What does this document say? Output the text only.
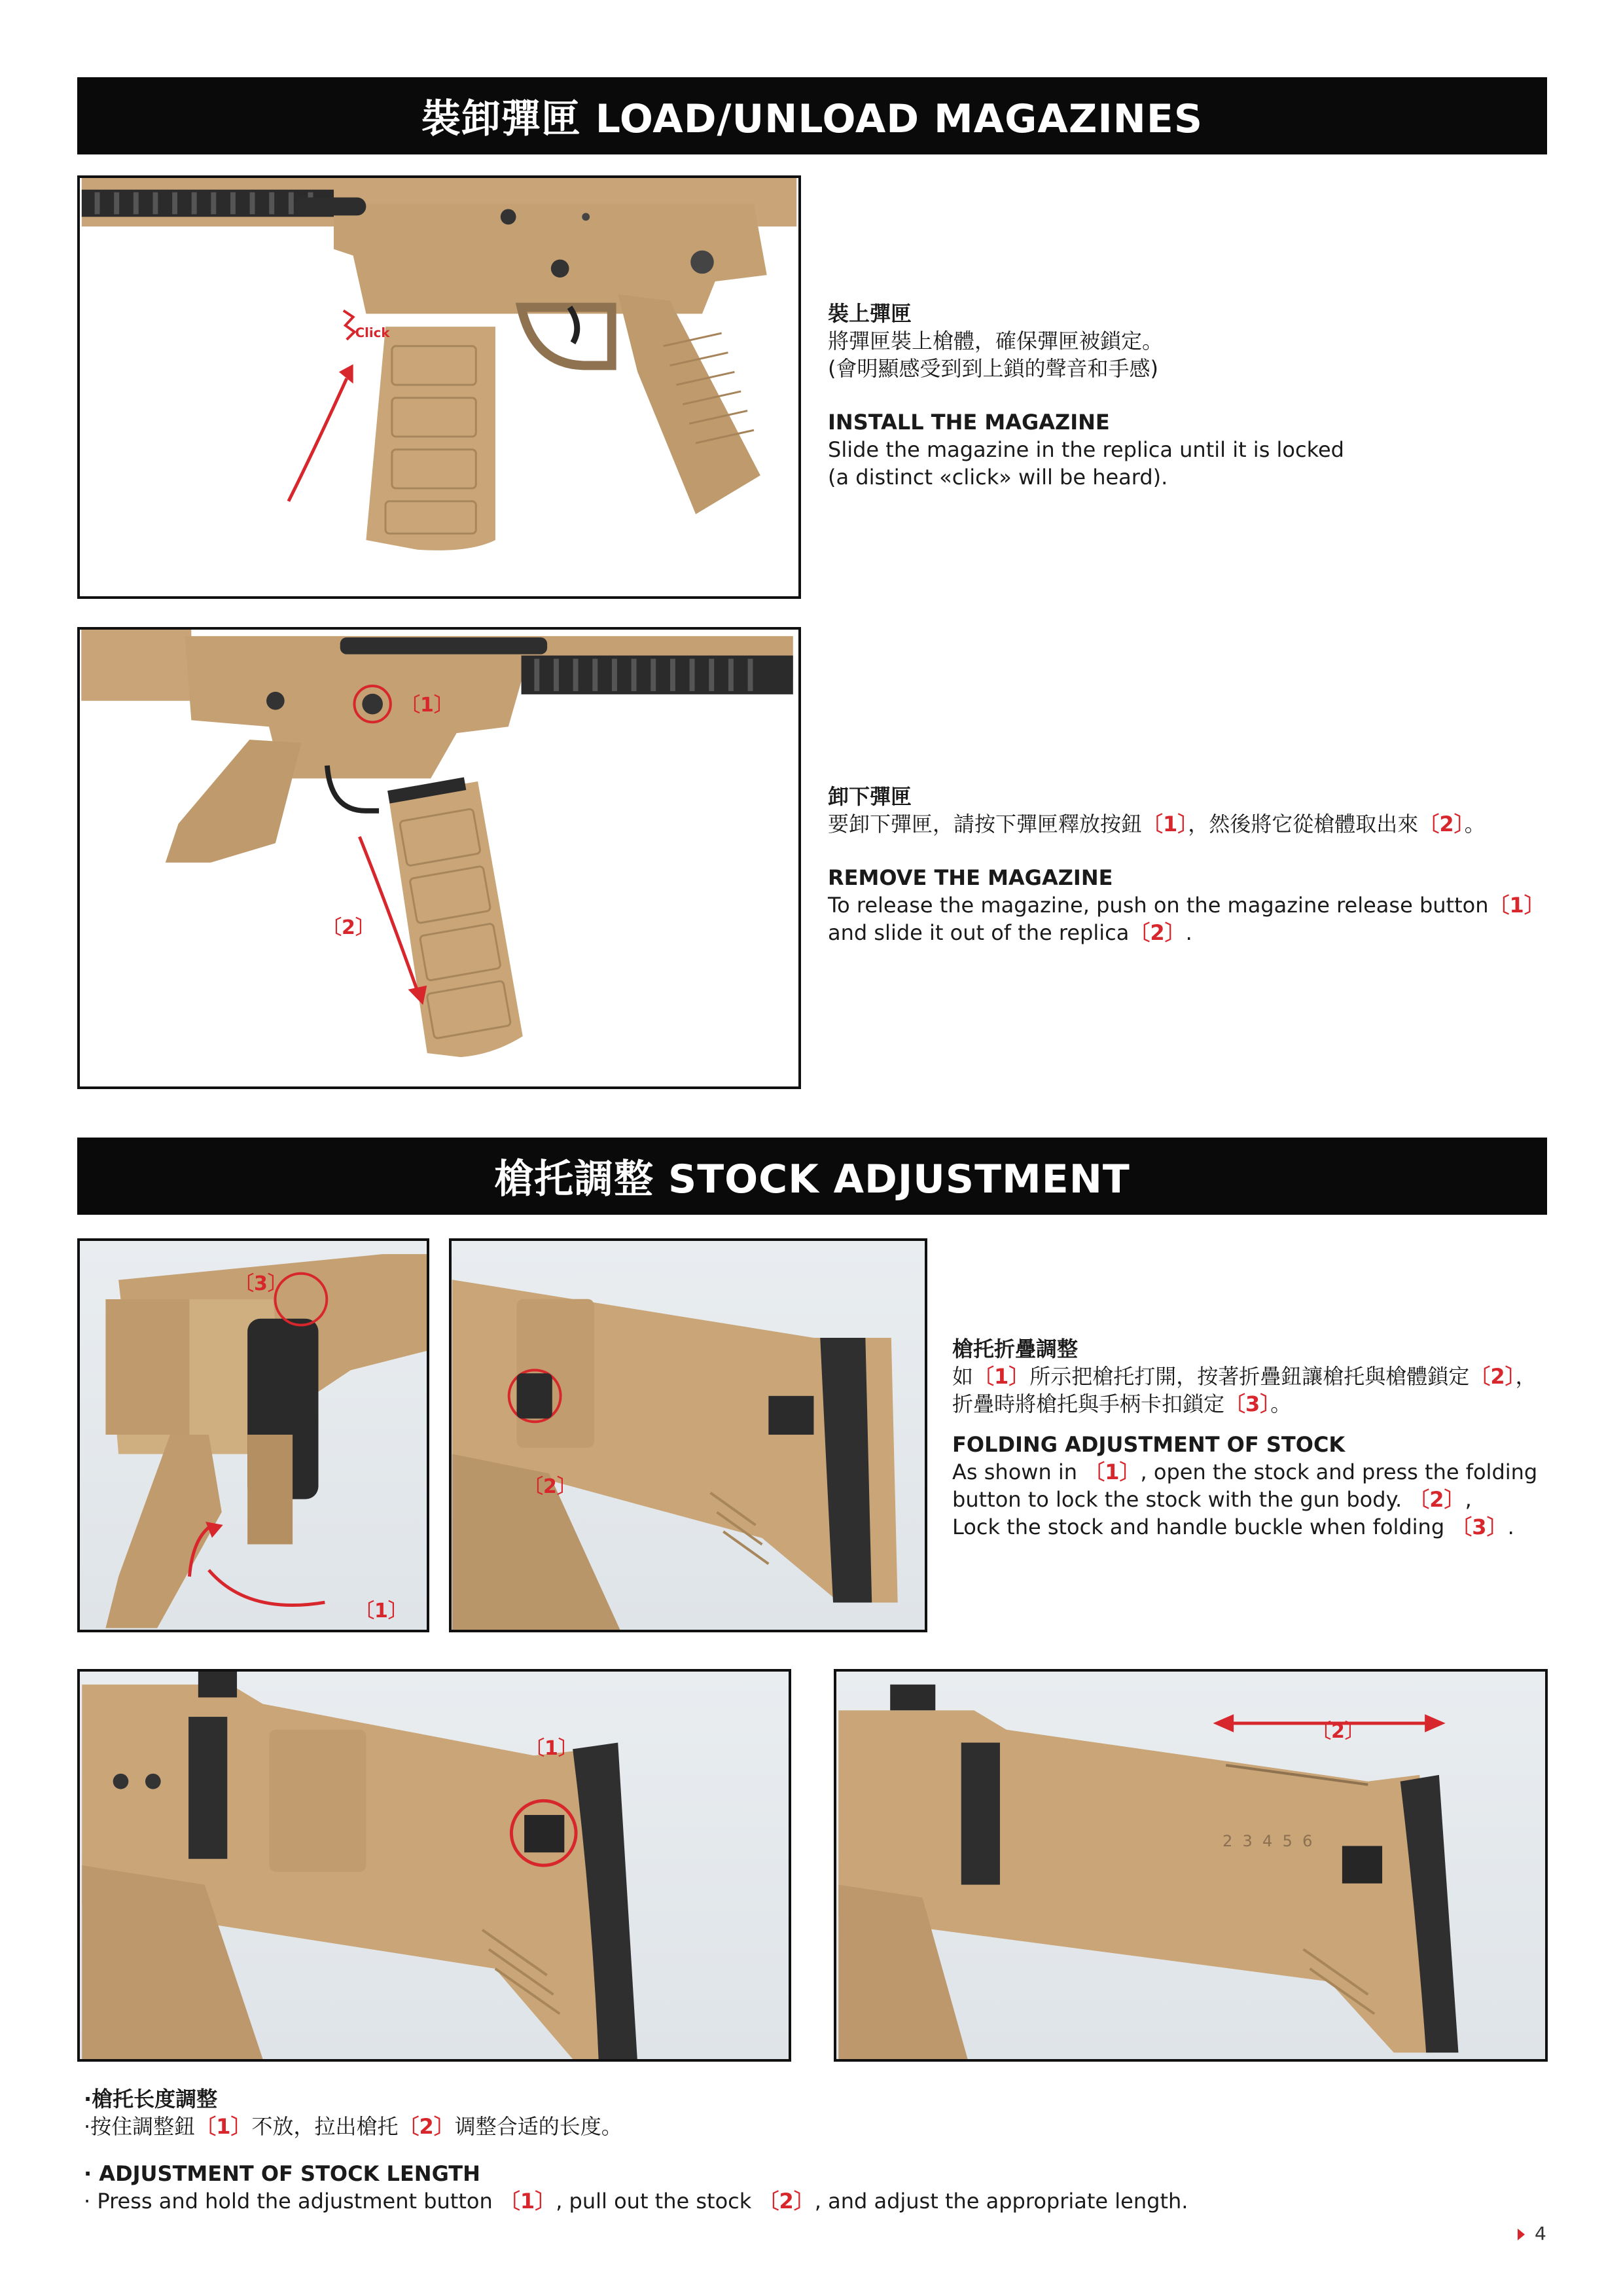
裝卸彈匣 LOAD/UNLOAD MAGAZINES
Click
裝上彈匣
將彈匣裝上槍體，確保彈匣被鎖定。
(會明顯感受到到上鎖的聲音和手感)
INSTALL THE MAGAZINE
Slide the magazine in the replica until it is locked
(a distinct «click» will be heard).
〔1〕
〔2〕
卸下彈匣
要卸下彈匣，請按下彈匣釋放按鈕〔1〕，然後將它從槍體取出來〔2〕。
REMOVE THE MAGAZINE
To release the magazine, push on the magazine release button〔1〕
and slide it out of the replica〔2〕.
槍托調整 STOCK ADJUSTMENT
〔3〕
〔1〕
〔2〕
槍托折疊調整
如〔1〕所示把槍托打開，按著折疊鈕讓槍托與槍體鎖定〔2〕，
折疊時將槍托與手柄卡扣鎖定〔3〕。
FOLDING ADJUSTMENT OF STOCK
As shown in 〔1〕, open the stock and press the folding
button to lock the stock with the gun body. 〔2〕,
Lock the stock and handle buckle when folding 〔3〕.
〔1〕
2  3  4  5  6
〔2〕
·槍托长度調整
·按住調整鈕〔1〕不放，拉出槍托〔2〕调整合适的长度。
· ADJUSTMENT OF STOCK LENGTH
· Press and hold the adjustment button 〔1〕, pull out the stock 〔2〕, and adjust the appropriate length.
4
